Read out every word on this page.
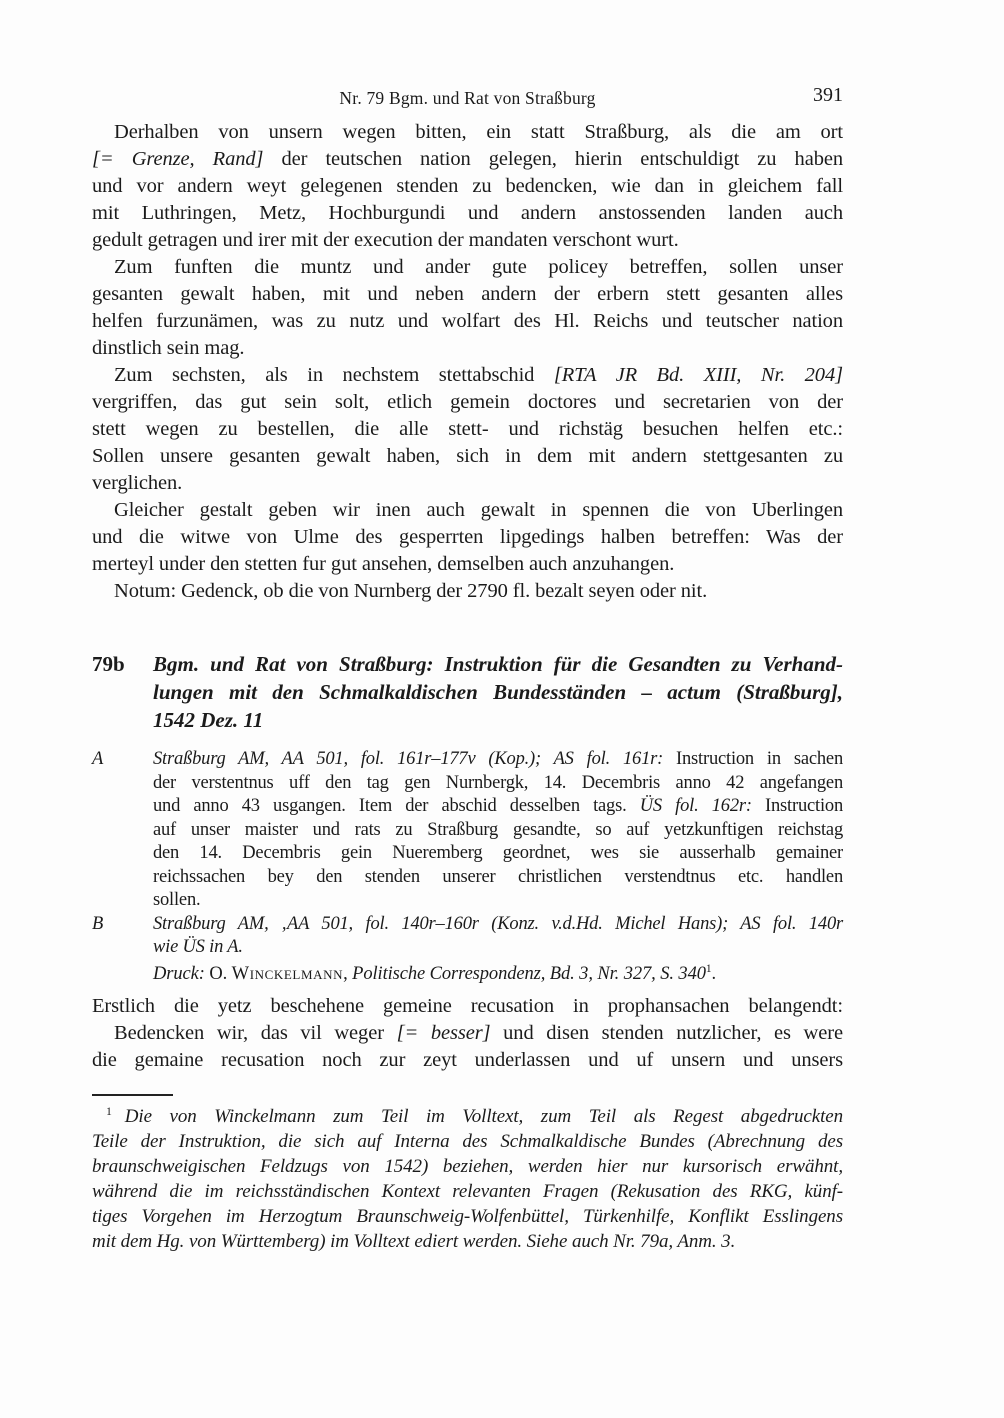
Nr. 79 Bgm. und Rat von Straßburg	391
Derhalben von unsern wegen bitten, ein statt Straßburg, als die am ort
[= Grenze, Rand] der teutschen nation gelegen, hierin entschuldigt zu haben
und vor andern weyt gelegenen stenden zu bedencken, wie dan in gleichem fall
mit Luthringen, Metz, Hochburgundi und andern anstossenden landen auch
gedult getragen und irer mit der execution der mandaten verschont wurt.
Zum funften die muntz und ander gute policey betreffen, sollen unser
gesanten gewalt haben, mit und neben andern der erbern stett gesanten alles
helfen furzunämen, was zu nutz und wolfart des Hl. Reichs und teutscher nation
dinstlich sein mag.
Zum sechsten, als in nechstem stettabschid [RTA JR Bd. XIII, Nr. 204]
vergriffen, das gut sein solt, etlich gemein doctores und secretarien von der
stett wegen zu bestellen, die alle stett- und richstäg besuchen helfen etc.:
Sollen unsere gesanten gewalt haben, sich in dem mit andern stettgesanten zu
verglichen.
Gleicher gestalt geben wir inen auch gewalt in spennen die von Uberlingen
und die witwe von Ulme des gesperrten lipgedings halben betreffen: Was der
merteyl under den stetten fur gut ansehen, demselben auch anzuhangen.
Notum: Gedenck, ob die von Nurnberg der 2790 fl. bezalt seyen oder nit.
79b	Bgm. und Rat von Straßburg: Instruktion für die Gesandten zu Verhand-
lungen mit den Schmalkaldischen Bundesständen – actum (Straßburg],
1542 Dez. 11
A	Straßburg AM, AA 501, fol. 161r–177v (Kop.); AS fol. 161r: Instruction in sachen
der verstentnus uff den tag gen Nurnbergk, 14. Decembris anno 42 angefangen
und anno 43 usgangen. Item der abschid desselben tags. ÜS fol. 162r: Instruction
auf unser maister und rats zu Straßburg gesandte, so auf yetzkunftigen reichstag
den 14. Decembris gein Nueremberg geordnet, wes sie ausserhalb gemainer
reichssachen bey den stenden unserer christlichen verstendtnus etc. handlen
sollen.
B	Straßburg AM, ‚AA 501, fol. 140r–160r (Konz. v.d.Hd. Michel Hans); AS fol. 140r
wie ÜS in A.
Druck: O. Winckelmann, Politische Correspondenz, Bd. 3, Nr. 327, S. $340^1$.
Erstlich die yetz beschehene gemeine recusation in prophansachen belangendt:
Bedencken wir, das vil weger [= besser] und disen stenden nutzlicher, es were
die gemaine recusation noch zur zeyt underlassen und uf unsern und unsers
$^1$ Die von Winckelmann zum Teil im Volltext, zum Teil als Regest abgedruckten
Teile der Instruktion, die sich auf Interna des Schmalkaldische Bundes (Abrechnung des
braunschweigischen Feldzugs von 1542) beziehen, werden hier nur kursorisch erwähnt,
während die im reichsständischen Kontext relevanten Fragen (Rekusation des RKG, künf-
tiges Vorgehen im Herzogtum Braunschweig-Wolfenbüttel, Türkenhilfe, Konflikt Esslingens
mit dem Hg. von Württemberg) im Volltext ediert werden. Siehe auch Nr. 79a, Anm. 3.
